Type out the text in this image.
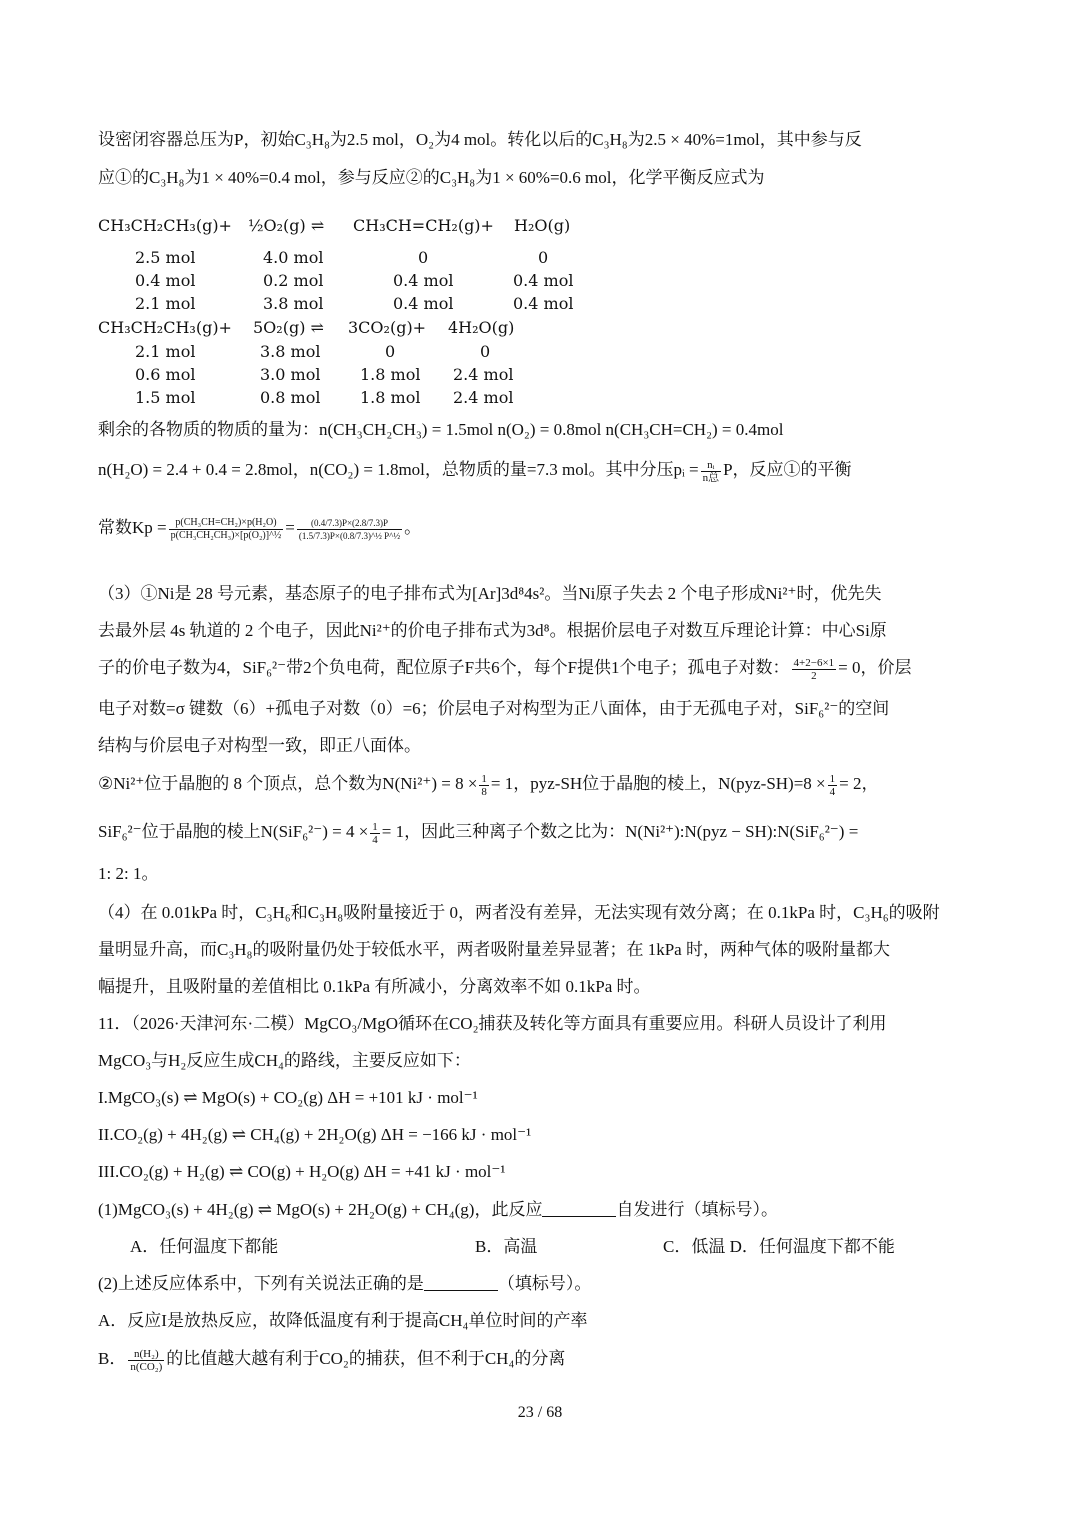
设密闭容器总压为P，初始C₃H₈为2.5 mol，O₂为4 mol。转化以后的C₃H₈为2.5 × 40%=1mol，其中参与反
应①的C₃H₈为1 × 40%=0.4 mol，参与反应②的C₃H₈为1 × 60%=0.6 mol，化学平衡反应式为
CH₃CH₂CH₃(g)+ ½O₂(g) ⇌ CH₃CH=CH₂(g)+ H₂O(g)
2.5 mol	4.0 mol	0	0
0.4 mol	0.2 mol	0.4 mol	0.4 mol
2.1 mol	3.8 mol	0.4 mol	0.4 mol
CH₃CH₂CH₃(g)+ 5O₂(g) ⇌ 3CO₂(g)+ 4H₂O(g)
2.1 mol	3.8 mol	0	0
0.6 mol	3.0 mol 1.8 mol 2.4 mol
1.5 mol	0.8 mol 1.8 mol 2.4 mol
剩余的各物质的物质的量为：n(CH₃CH₂CH₃) = 1.5mol n(O₂) = 0.8mol n(CH₃CH=CH₂) = 0.4mol
n(H₂O) = 2.4 + 0.4 = 2.8mol，n(CO₂) = 1.8mol，总物质的量=7.3 mol。其中分压pᵢ = $\frac{\text{nᵢ}}{\text{n总}}$ P，反应①的平衡
常数$Kp = \frac{\text{p(CH₃CH=CH₂)×p(H₂O)}}{\text{p(CH₃CH₂CH₃)×[p(O₂)]\textasciicircum{}½}} = \frac{(0.4/7.3)P\times(2.8/7.3)P}{\text{(1.5/7.3)P×(0.8/7.3)\textasciicircum{}½ P\textasciicircum{}½}}$ 。
（3）①Ni是 28 号元素，基态原子的电子排布式为[Ar]3d⁸4s²。当Ni原子失去 2 个电子形成Ni²⁺时，优先失
去最外层 4s 轨道的 2 个电子，因此Ni²⁺的价电子排布式为3d⁸。根据价层电子对数互斥理论计算：中心Si原
子的价电子数为4，SiF₆²⁻带2个负电荷，配位原子F共6个，每个F提供1个电子；孤电子对数： $\frac{4+2-6\times 1}{2} = 0$，价层
电子对数=σ 键数（6）+孤电子对数（0）=6；价层电子对构型为正八面体，由于无孤电子对，SiF₆²⁻的空间
结构与价层电子对构型一致，即正八面体。
②Ni²⁺位于晶胞的 8 个顶点，总个数为$N(Ni^{2+}) = 8 \times \frac{1}{8} = 1$，pyz-SH位于晶胞的棱上，$N(pyz-SH)=8 \times \frac{1}{4} = 2$，
SiF₆²⁻位于晶胞的棱上$N(SiF_6^{2-}) = 4 \times \frac{1}{4} = 1$，因此三种离子个数之比为：N(Ni²⁺):N(pyz − SH):N(SiF₆²⁻) =
1: 2: 1。
（4）在 0.01kPa 时，C₃H₆和C₃H₈吸附量接近于 0，两者没有差异，无法实现有效分离；在 0.1kPa 时，C₃H₆的吸附
量明显升高，而C₃H₈的吸附量仍处于较低水平，两者吸附量差异显著；在 1kPa 时，两种气体的吸附量都大
幅提升，且吸附量的差值相比 0.1kPa 有所减小，分离效率不如 0.1kPa 时。
11．（2026·天津河东·二模）MgCO₃/MgO循环在CO₂捕获及转化等方面具有重要应用。科研人员设计了利用
MgCO₃与H₂反应生成CH₄的路线，主要反应如下：
I.MgCO₃(s) ⇌ MgO(s) + CO₂(g) ΔH = +101 kJ · mol⁻¹
II.CO₂(g) + 4H₂(g) ⇌ CH₄(g) + 2H₂O(g) ΔH = −166 kJ · mol⁻¹
III.CO₂(g) + H₂(g) ⇌ CO(g) + H₂O(g) ΔH = +41 kJ · mol⁻¹
(1)MgCO₃(s) + 4H₂(g) ⇌ MgO(s) + 2H₂O(g) + CH₄(g)，此反应	自发进行（填标号）。
A．任何温度下都能	B．高温	C．低温 D．任何温度下都不能
(2)上述反应体系中，下列有关说法正确的是	（填标号）。
A．反应I是放热反应，故降低温度有利于提高CH₄单位时间的产率
B． $\frac{\text{n(H₂)}}{\text{n(CO₂)}}$ 的比值越大越有利于CO₂的捕获，但不利于CH₄的分离
23 / 68
